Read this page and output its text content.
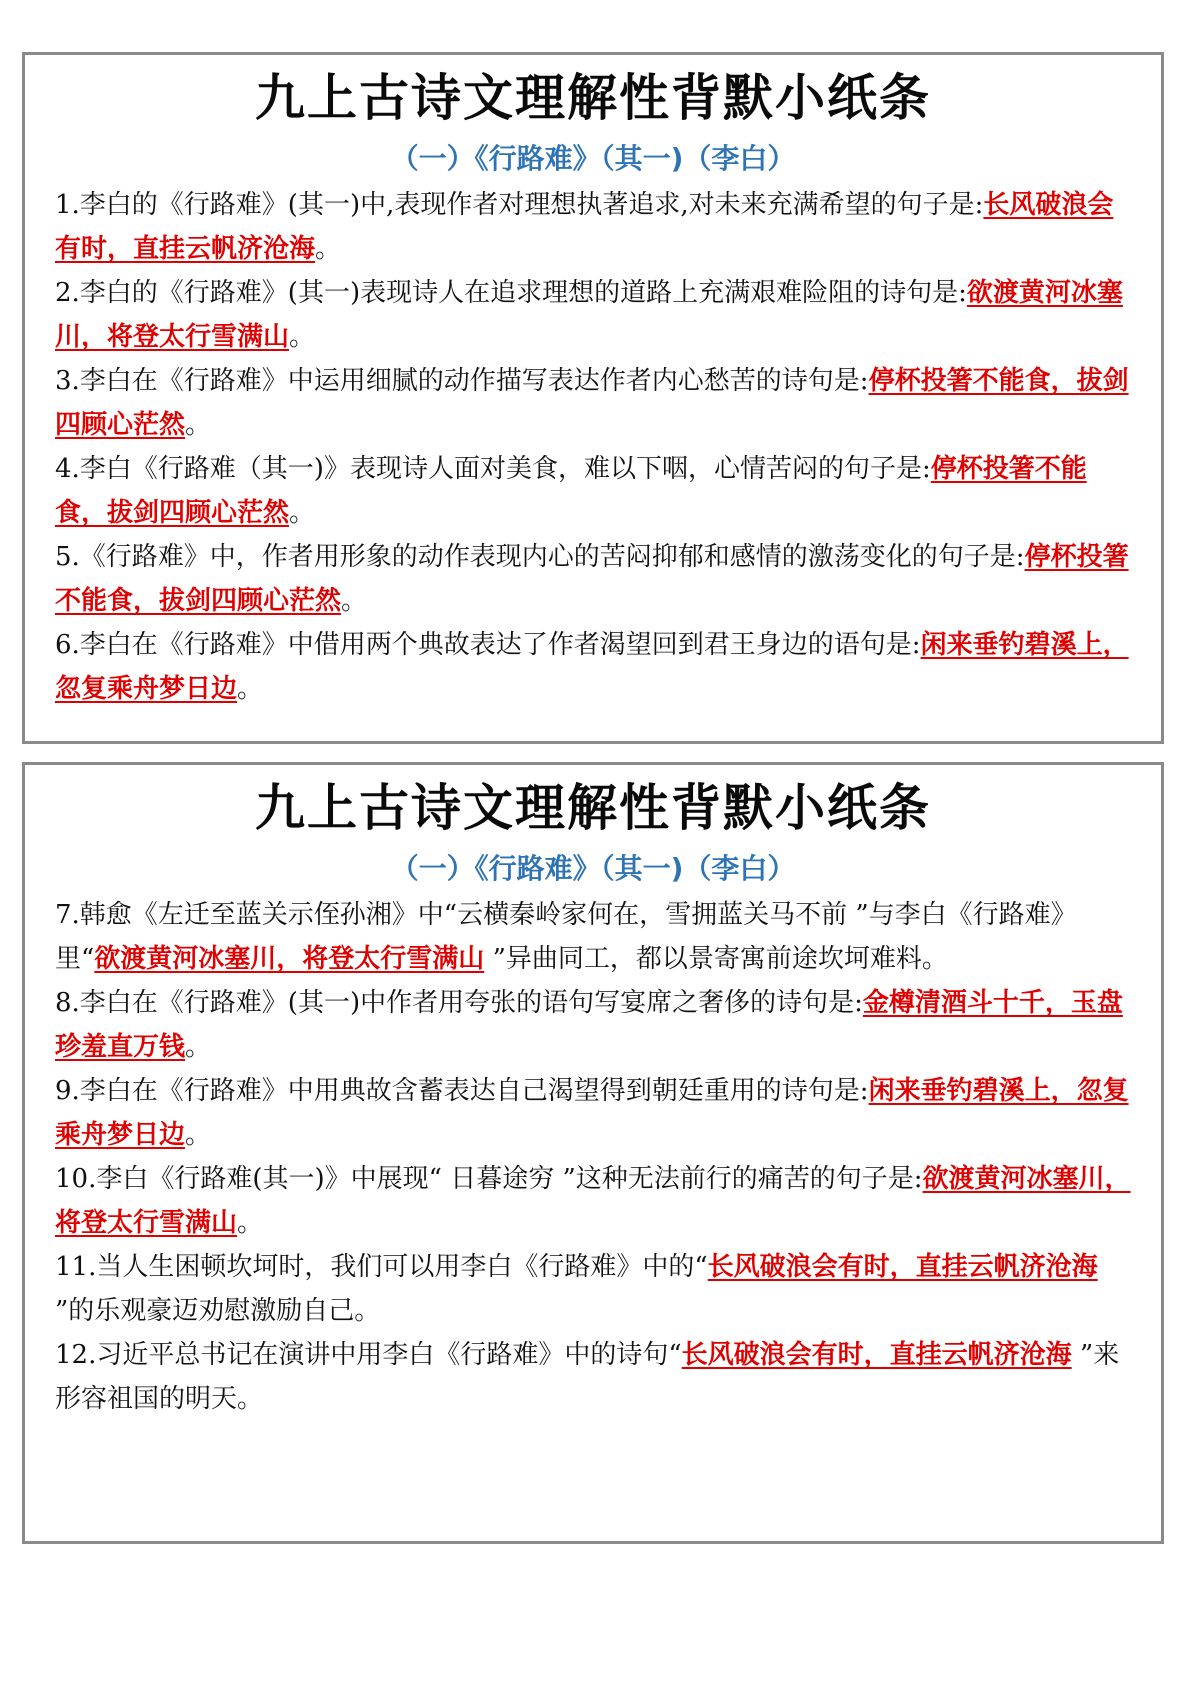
九上古诗文理解性背默小纸条
（一）《行路难》（其一)（李白）

1.李白的《行路难》(其一)中,表现作者对理想执著追求,对未来充满希望的句子是:长风破浪会有时，直挂云帆济沧海。

2.李白的《行路难》(其一)表现诗人在追求理想的道路上充满艰难险阻的诗句是:欲渡黄河冰塞川，将登太行雪满山。

3.李白在《行路难》中运用细腻的动作描写表达作者内心愁苦的诗句是:停杯投箸不能食，拔剑四顾心茫然。

4.李白《行路难（其一)》表现诗人面对美食，难以下咽，心情苦闷的句子是:停杯投箸不能食，拔剑四顾心茫然。

5.《行路难》中，作者用形象的动作表现内心的苦闷抑郁和感情的激荡变化的句子是:停杯投箸不能食，拔剑四顾心茫然。

6.李白在《行路难》中借用两个典故表达了作者渴望回到君王身边的语句是:闲来垂钓碧溪上，忽复乘舟梦日边。

九上古诗文理解性背默小纸条
（一）《行路难》（其一)（李白）

7.韩愈《左迁至蓝关示侄孙湘》中“云横秦岭家何在，雪拥蓝关马不前 ”与李白《行路难》里“欲渡黄河冰塞川，将登太行雪满山 ”异曲同工，都以景寄寓前途坎坷难料。

8.李白在《行路难》(其一)中作者用夸张的语句写宴席之奢侈的诗句是:金樽清酒斗十千，玉盘珍羞直万钱。

9.李白在《行路难》中用典故含蓄表达自己渴望得到朝廷重用的诗句是:闲来垂钓碧溪上，忽复乘舟梦日边。

10.李白《行路难(其一)》中展现“ 日暮途穷 ”这种无法前行的痛苦的句子是:欲渡黄河冰塞川，将登太行雪满山。

11.当人生困顿坎坷时，我们可以用李白《行路难》中的“长风破浪会有时，直挂云帆济沧海 ”的乐观豪迈劝慰激励自己。

12.习近平总书记在演讲中用李白《行路难》中的诗句“长风破浪会有时，直挂云帆济沧海 ”来形容祖国的明天。
